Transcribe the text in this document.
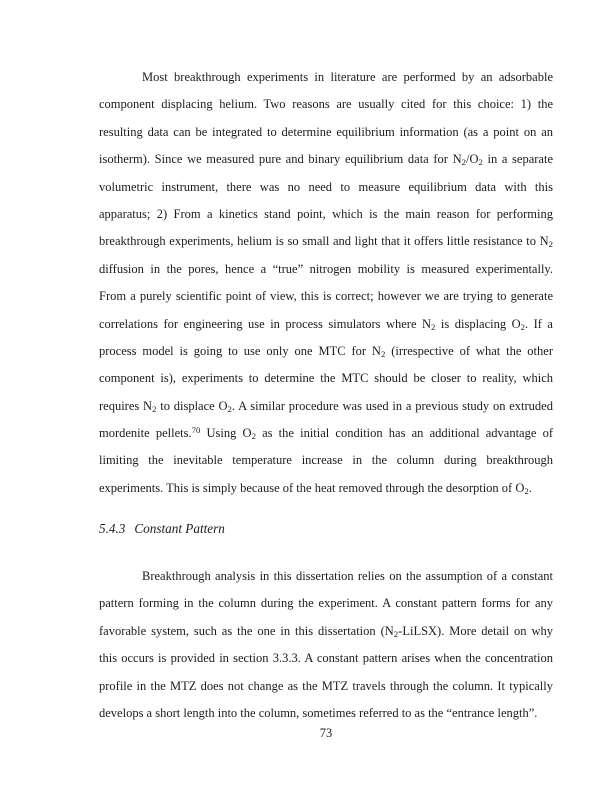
Most breakthrough experiments in literature are performed by an adsorbable
component displacing helium. Two reasons are usually cited for this choice: 1) the
resulting data can be integrated to determine equilibrium information (as a point on an
isotherm). Since we measured pure and binary equilibrium data for $N_2/O_2$ in a separate
volumetric instrument, there was no need to measure equilibrium data with this
apparatus; 2) From a kinetics stand point, which is the main reason for performing
breakthrough experiments, helium is so small and light that it offers little resistance to $N_2$
diffusion in the pores, hence a “true” nitrogen mobility is measured experimentally.
From a purely scientific point of view, this is correct; however we are trying to generate
correlations for engineering use in process simulators where $N_2$ is displacing $O_2$. If a
process model is going to use only one MTC for $N_2$ (irrespective of what the other
component is), experiments to determine the MTC should be closer to reality, which
requires $N_2$ to displace $O_2$. A similar procedure was used in a previous study on extruded
mordenite pellets.$^{70}$ Using $O_2$ as the initial condition has an additional advantage of
limiting the inevitable temperature increase in the column during breakthrough
experiments. This is simply because of the heat removed through the desorption of $O_2$.
5.4.3 Constant Pattern
Breakthrough analysis in this dissertation relies on the assumption of a constant
pattern forming in the column during the experiment. A constant pattern forms for any
favorable system, such as the one in this dissertation $(N_2-LiLSX)$. More detail on why
this occurs is provided in section 3.3.3. A constant pattern arises when the concentration
profile in the MTZ does not change as the MTZ travels through the column. It typically
develops a short length into the column, sometimes referred to as the “entrance length”.
73
